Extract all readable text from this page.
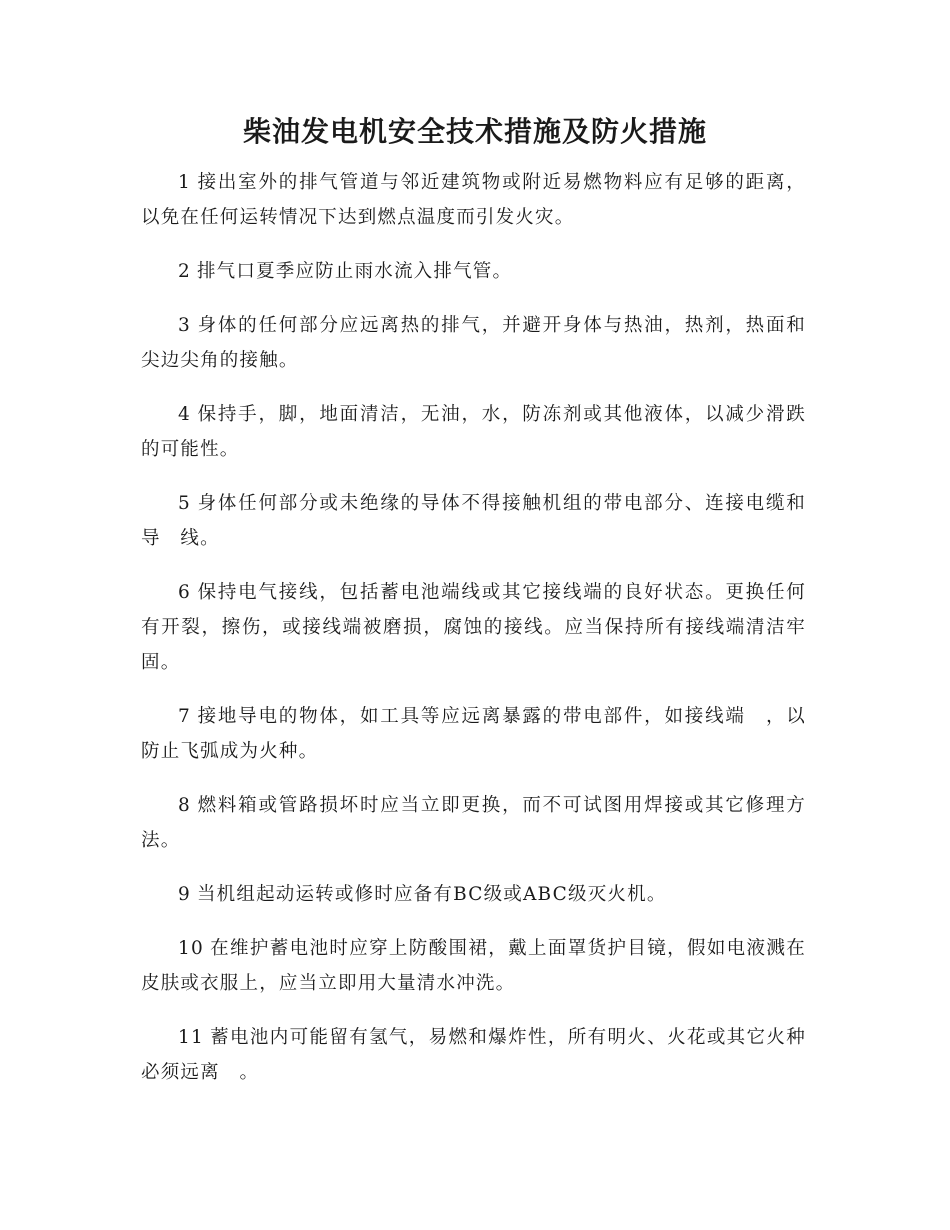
柴油发电机安全技术措施及防火措施

1 接出室外的排气管道与邻近建筑物或附近易燃物料应有足够的距离，以免在任何运转情况下达到燃点温度而引发火灾。

2 排气口夏季应防止雨水流入排气管。

3 身体的任何部分应远离热的排气，并避开身体与热油，热剂，热面和尖边尖角的接触。

4 保持手，脚，地面清洁，无油，水，防冻剂或其他液体，以减少滑跌的可能性。

5 身体任何部分或未绝缘的导体不得接触机组的带电部分、连接电缆和导　线。

6 保持电气接线，包括蓄电池端线或其它接线端的良好状态。更换任何有开裂，擦伤，或接线端被磨损，腐蚀的接线。应当保持所有接线端清洁牢固。

7 接地导电的物体，如工具等应远离暴露的带电部件，如接线端　，以防止飞弧成为火种。

8 燃料箱或管路损坏时应当立即更换，而不可试图用焊接或其它修理方法。

9 当机组起动运转或修时应备有BC级或ABC级灭火机。

10 在维护蓄电池时应穿上防酸围裙，戴上面罩货护目镜，假如电液溅在皮肤或衣服上，应当立即用大量清水冲洗。

11 蓄电池内可能留有氢气，易燃和爆炸性，所有明火、火花或其它火种必须远离　。
